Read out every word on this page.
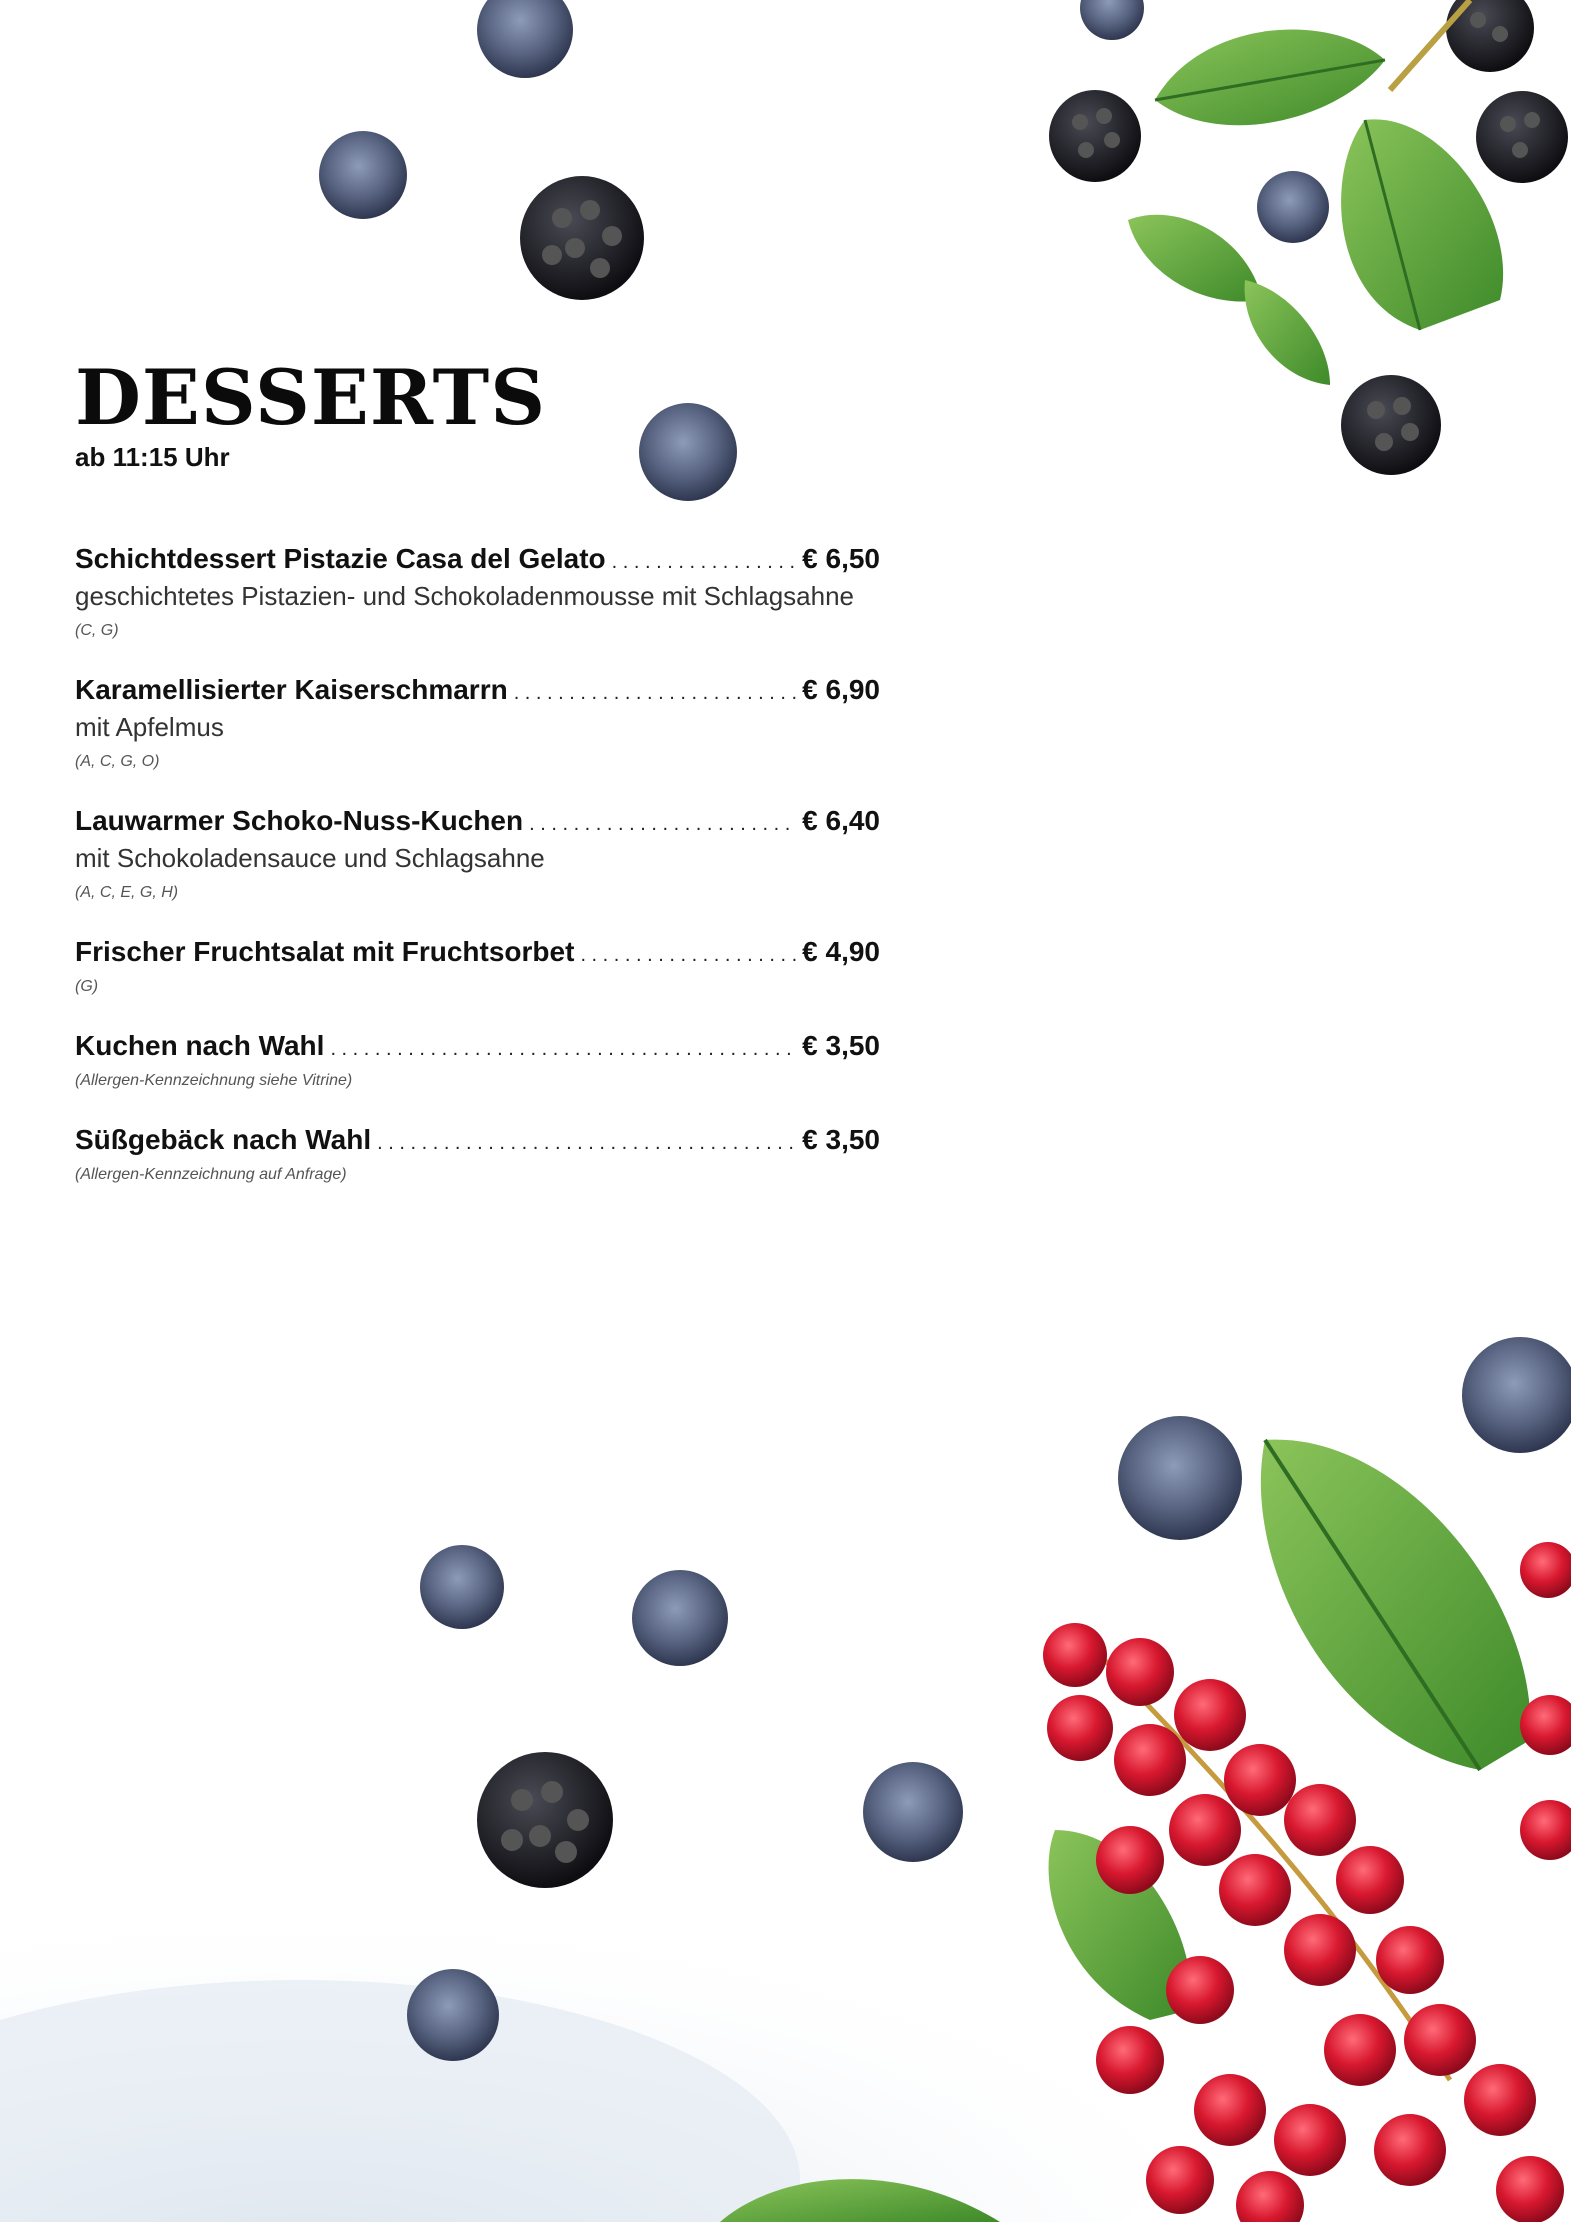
DESSERTS
ab 11:15 Uhr
Schichtdessert Pistazie Casa del Gelato . . .	€ 6,50
geschichtetes Pistazien- und Schokoladenmousse mit Schlagsahne
(C, G)
Karamellisierter Kaiserschmarrn . . .	€ 6,90
mit Apfelmus
(A, C, G, O)
Lauwarmer Schoko-Nuss-Kuchen . . .	€ 6,40
mit Schokoladensauce und Schlagsahne
(A, C, E, G, H)
Frischer Fruchtsalat mit Fruchtsorbet . . .	€ 4,90
(G)
Kuchen nach Wahl . . .	€ 3,50
(Allergen-Kennzeichnung siehe Vitrine)
Süßgebäck nach Wahl . . .	€ 3,50
(Allergen-Kennzeichnung auf Anfrage)
